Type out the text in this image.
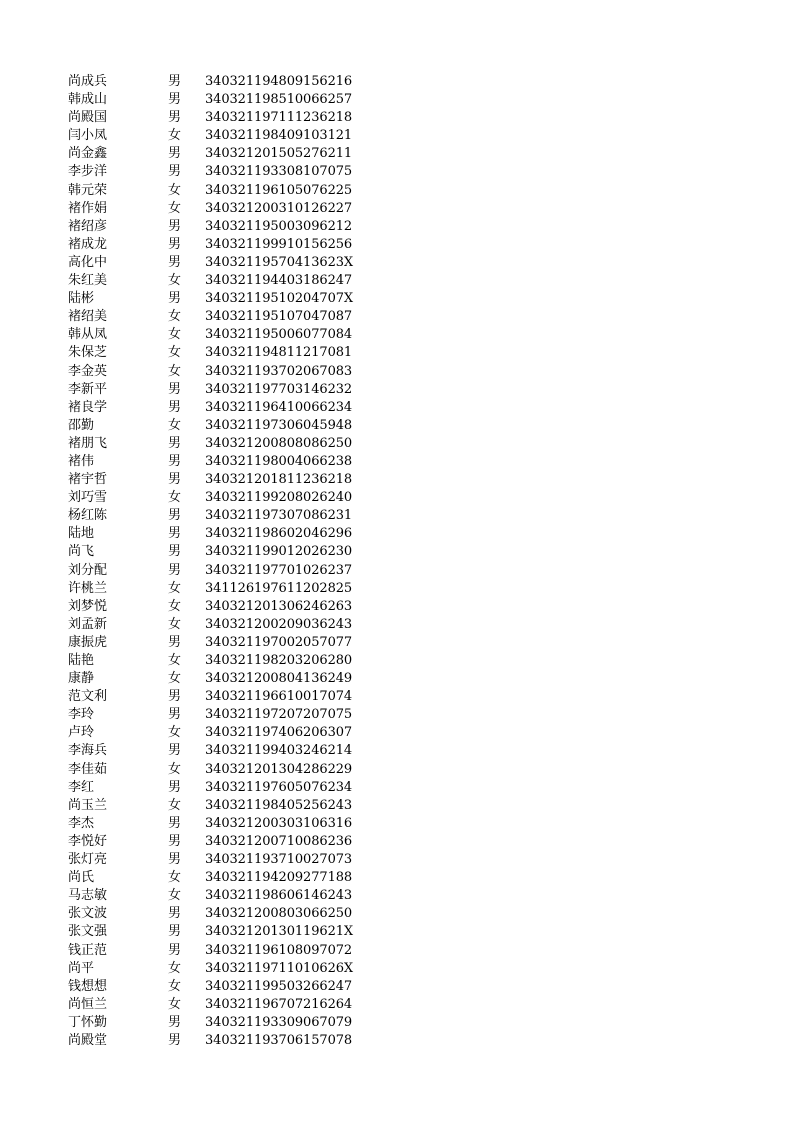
尚成兵	男 340321194809156216
韩成山	男 340321198510066257
尚殿国	男 340321197111236218
闫小凤	女 340321198409103121
尚金鑫	男 340321201505276211
李步洋	男 340321193308107075
韩元荣	女 340321196105076225
褚作娟	女 340321200310126227
褚绍彦	男 340321195003096212
褚成龙	男 340321199910156256
高化中	男 34032119570413623X
朱红美	女 340321194403186247
陆彬	男 34032119510204707X
褚绍美	女 340321195107047087
韩从凤	女 340321195006077084
朱保芝	女 340321194811217081
李金英	女 340321193702067083
李新平	男 340321197703146232
褚良学	男 340321196410066234
邵勤	女 340321197306045948
褚朋飞	男 340321200808086250
褚伟	男 340321198004066238
褚宇哲	男 340321201811236218
刘巧雪	女 340321199208026240
杨红陈	男 340321197307086231
陆地	男 340321198602046296
尚飞	男 340321199012026230
刘分配	男 340321197701026237
许桃兰	女 341126197611202825
刘梦悦	女 340321201306246263
刘孟新	女 340321200209036243
康振虎	男 340321197002057077
陆艳	女 340321198203206280
康静	女 340321200804136249
范文利	男 340321196610017074
李玲	男 340321197207207075
卢玲	女 340321197406206307
李海兵	男 340321199403246214
李佳茹	女 340321201304286229
李红	男 340321197605076234
尚玉兰	女 340321198405256243
李杰	男 340321200303106316
李悦好	男 340321200710086236
张灯亮	男 340321193710027073
尚氏	女 340321194209277188
马志敏	女 340321198606146243
张文波	男 340321200803066250
张文强	男 34032120130119621X
钱正范	男 340321196108097072
尚平	女 34032119711010626X
钱想想	女 340321199503266247
尚恒兰	女 340321196707216264
丁怀勤	男 340321193309067079
尚殿堂	男 340321193706157078
